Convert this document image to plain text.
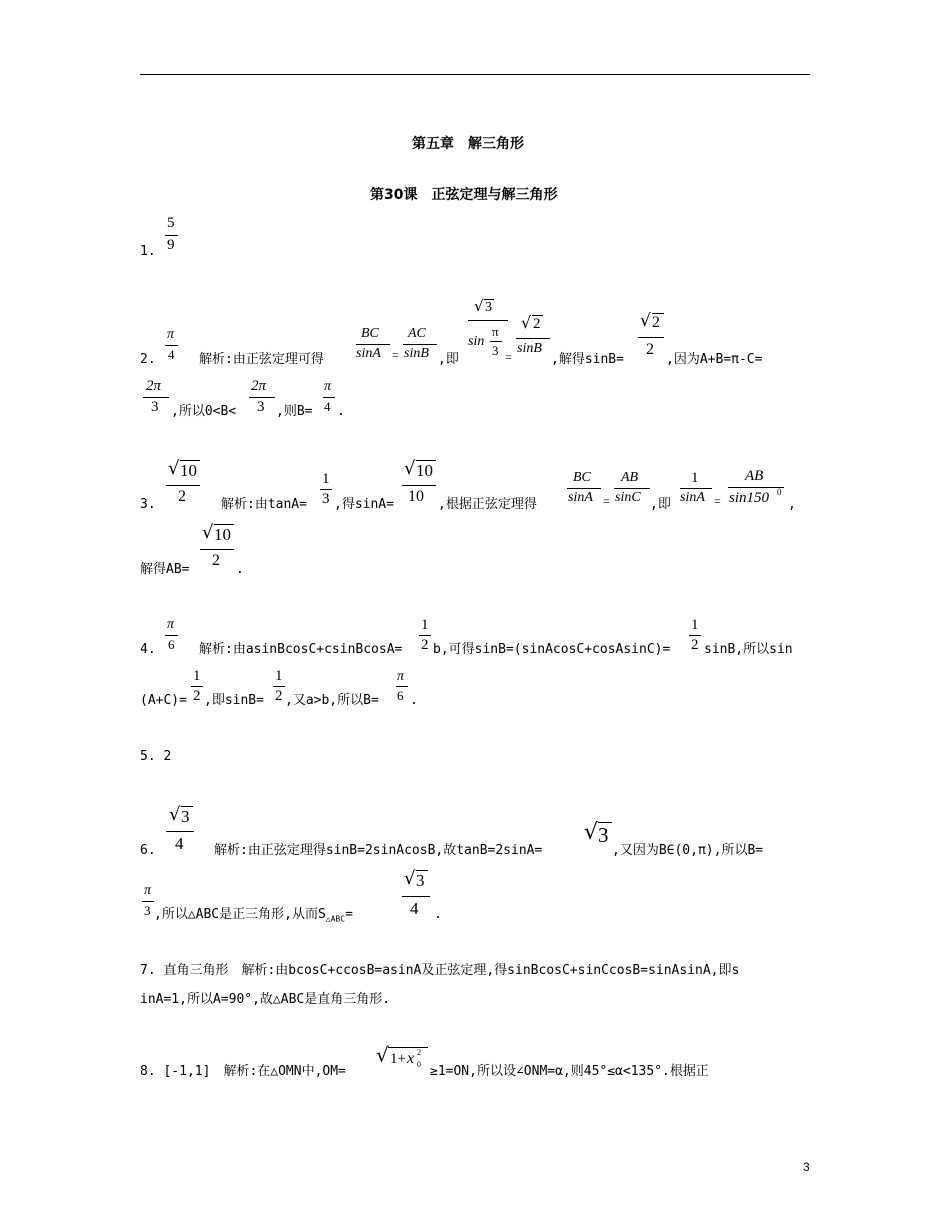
第五章　解三角形
第30课　正弦定理与解三角形
1.
5
9
2.
π
4 解析:由正弦定理可得
BC
sinA =
AC
sinB ,即
√ 3
sin
π
3 =
√ 2
sinB
,解得sinB=
√ 2
2
,因为A+B=π-C=
2π
3 ,所以0<B<
2π
3 ,则B=
π
4 .
3.
√ 10
2	解析:由tanA=
1
3 ,得sinA=
√ 10
10 ,根据正弦定理得
BC
sinA =
AB
sinC ,即
1
sinA =
AB
sin150 0
,
解得AB=
√ 10
2
.
4.
π
6 解析:由asinBcosC+csinBcosA=
1
2 b,可得sinB=(sinAcosC+cosAsinC)=
1
2 sinB,所以sin
(A+C)=
1
2 ,即sinB=
1
2 ,又a>b,所以B=
π
6 .
5. 2
6.
√ 3
4 解析:由正弦定理得sinB=2sinAcosB,故tanB=2sinA=
√ 3
,又因为B∈(0,π),所以B=
π
3 ,所以△ABC是正三角形,从而$S_{\triangle ABC}=$
√ 3
4 .
7. 直角三角形　解析:由bcosC+ccosB=asinA及正弦定理,得sinBcosC+sinCcosB=sinAsinA,即s
inA=1,所以A=90°,故△ABC是直角三角形.
8. [-1,1]　解析:在△OMN中,OM=
√ 1+ x 2
0 ≥1=ON,所以设∠ONM=α,则45°≤α<135°.根据正
3
